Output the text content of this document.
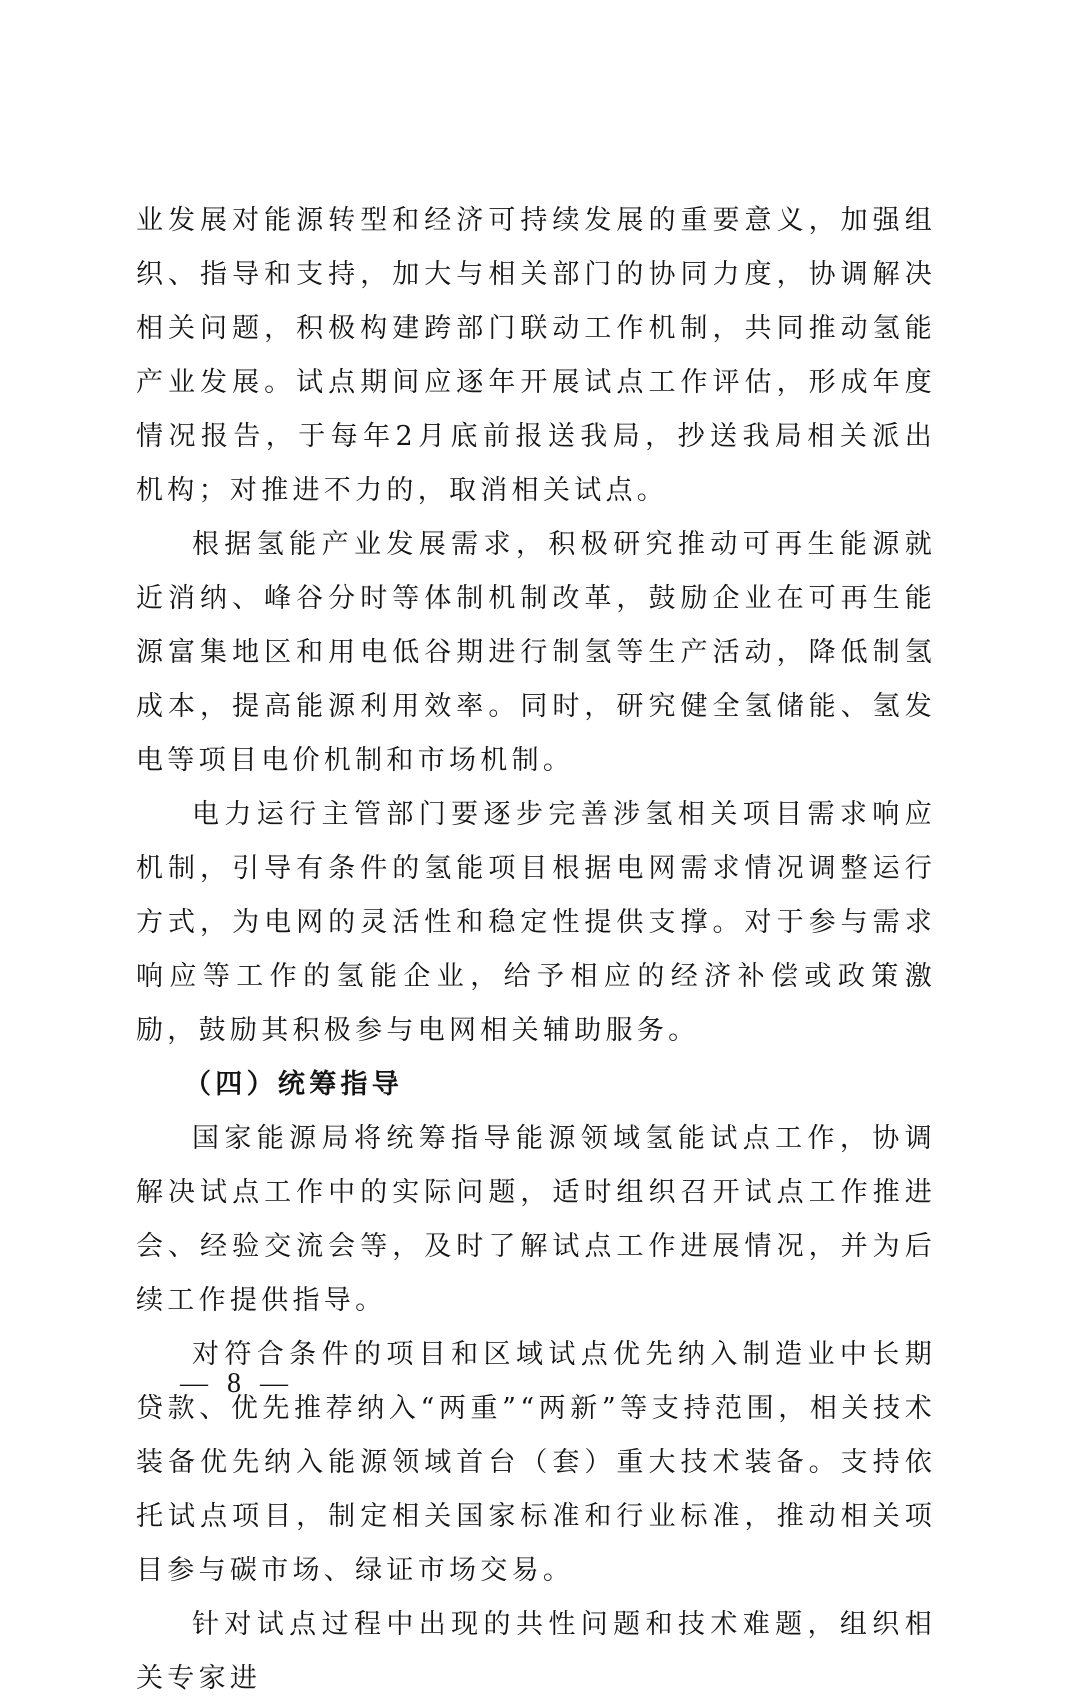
业发展对能源转型和经济可持续发展的重要意义，加强组织、指导和支持，加大与相关部门的协同力度，协调解决相关问题，积极构建跨部门联动工作机制，共同推动氢能产业发展。试点期间应逐年开展试点工作评估，形成年度情况报告，于每年2月底前报送我局，抄送我局相关派出机构；对推进不力的，取消相关试点。

根据氢能产业发展需求，积极研究推动可再生能源就近消纳、峰谷分时等体制机制改革，鼓励企业在可再生能源富集地区和用电低谷期进行制氢等生产活动，降低制氢成本，提高能源利用效率。同时，研究健全氢储能、氢发电等项目电价机制和市场机制。

电力运行主管部门要逐步完善涉氢相关项目需求响应机制，引导有条件的氢能项目根据电网需求情况调整运行方式，为电网的灵活性和稳定性提供支撑。对于参与需求响应等工作的氢能企业，给予相应的经济补偿或政策激励，鼓励其积极参与电网相关辅助服务。

（四）统筹指导

国家能源局将统筹指导能源领域氢能试点工作，协调解决试点工作中的实际问题，适时组织召开试点工作推进会、经验交流会等，及时了解试点工作进展情况，并为后续工作提供指导。

对符合条件的项目和区域试点优先纳入制造业中长期贷款、优先推荐纳入“两重”“两新”等支持范围，相关技术装备优先纳入能源领域首台（套）重大技术装备。支持依托试点项目，制定相关国家标准和行业标准，推动相关项目参与碳市场、绿证市场交易。

针对试点过程中出现的共性问题和技术难题，组织相关专家进

— 8 —
